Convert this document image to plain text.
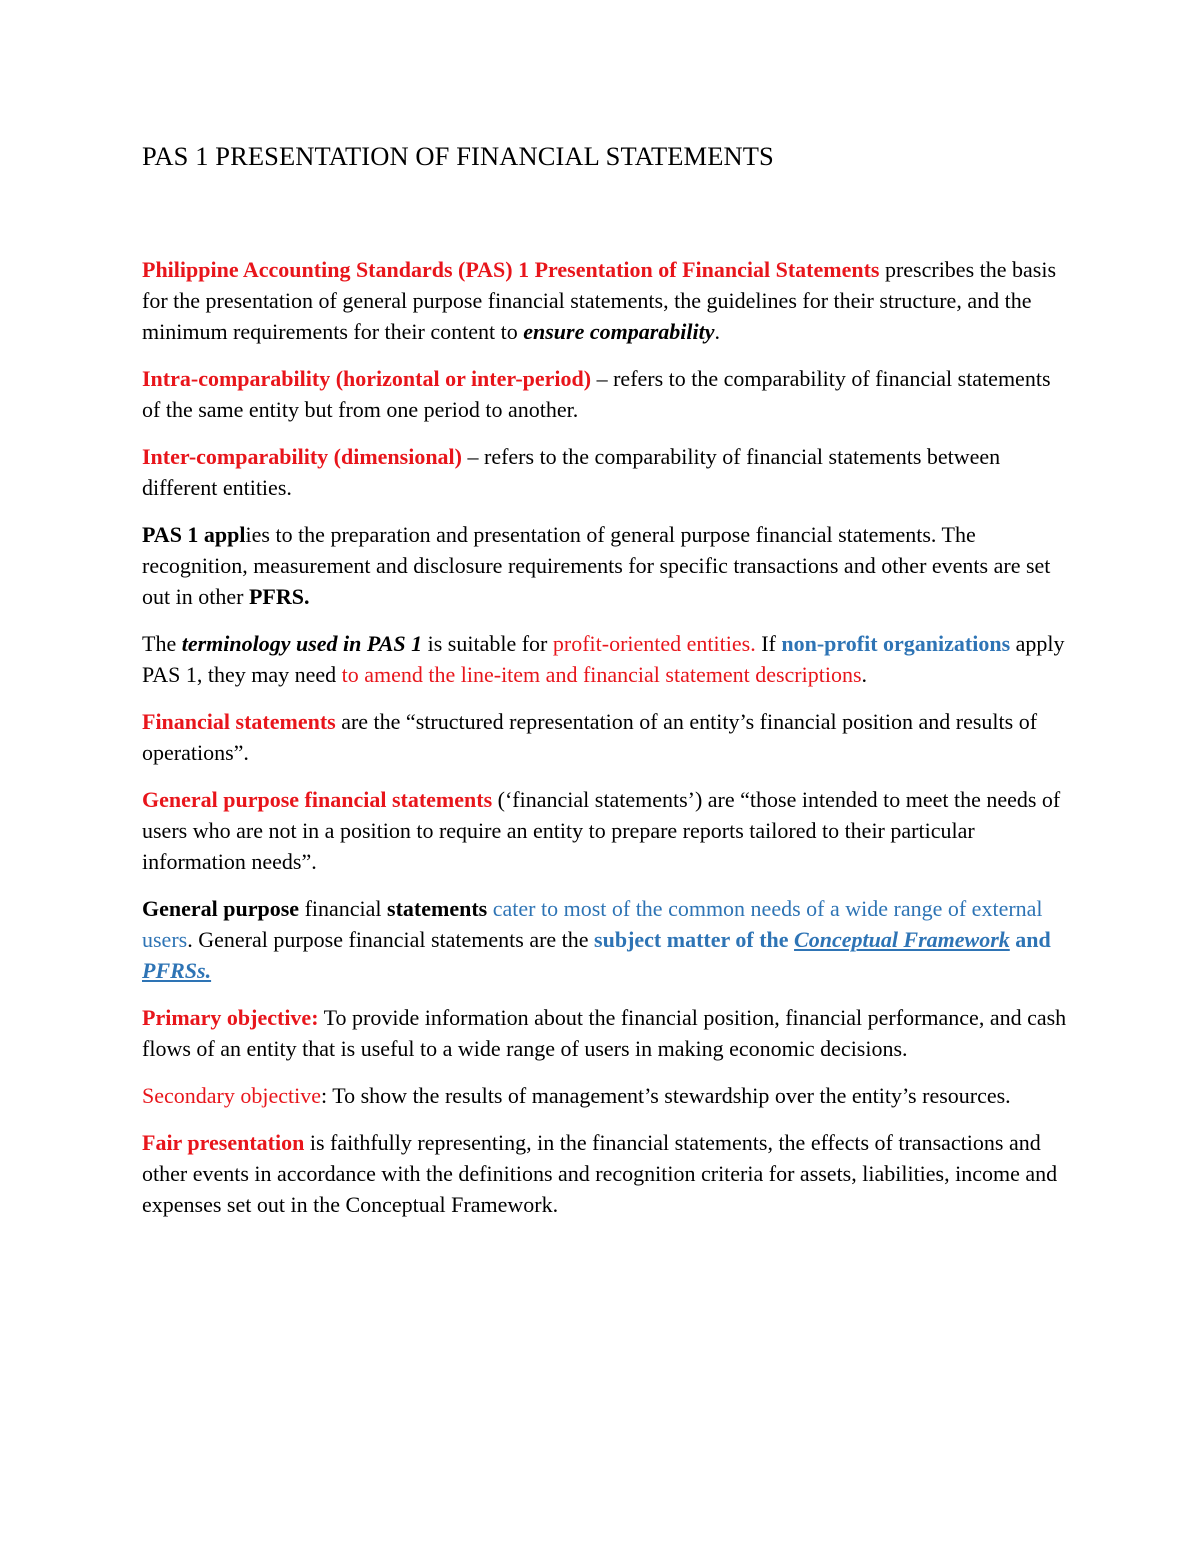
PAS 1 PRESENTATION OF FINANCIAL STATEMENTS

Philippine Accounting Standards (PAS) 1 Presentation of Financial Statements prescribes the basis for the presentation of general purpose financial statements, the guidelines for their structure, and the minimum requirements for their content to ensure comparability.

Intra-comparability (horizontal or inter-period) – refers to the comparability of financial statements of the same entity but from one period to another.

Inter-comparability (dimensional) – refers to the comparability of financial statements between different entities.

PAS 1 applies to the preparation and presentation of general purpose financial statements. The recognition, measurement and disclosure requirements for specific transactions and other events are set out in other PFRS.

The terminology used in PAS 1 is suitable for profit-oriented entities. If non-profit organizations apply PAS 1, they may need to amend the line-item and financial statement descriptions.

Financial statements are the “structured representation of an entity’s financial position and results of operations”.

General purpose financial statements (‘financial statements’) are “those intended to meet the needs of users who are not in a position to require an entity to prepare reports tailored to their particular information needs”.

General purpose financial statements cater to most of the common needs of a wide range of external users. General purpose financial statements are the subject matter of the Conceptual Framework and PFRSs.

Primary objective: To provide information about the financial position, financial performance, and cash flows of an entity that is useful to a wide range of users in making economic decisions.

Secondary objective: To show the results of management’s stewardship over the entity’s resources.

Fair presentation is faithfully representing, in the financial statements, the effects of transactions and other events in accordance with the definitions and recognition criteria for assets, liabilities, income and expenses set out in the Conceptual Framework.
